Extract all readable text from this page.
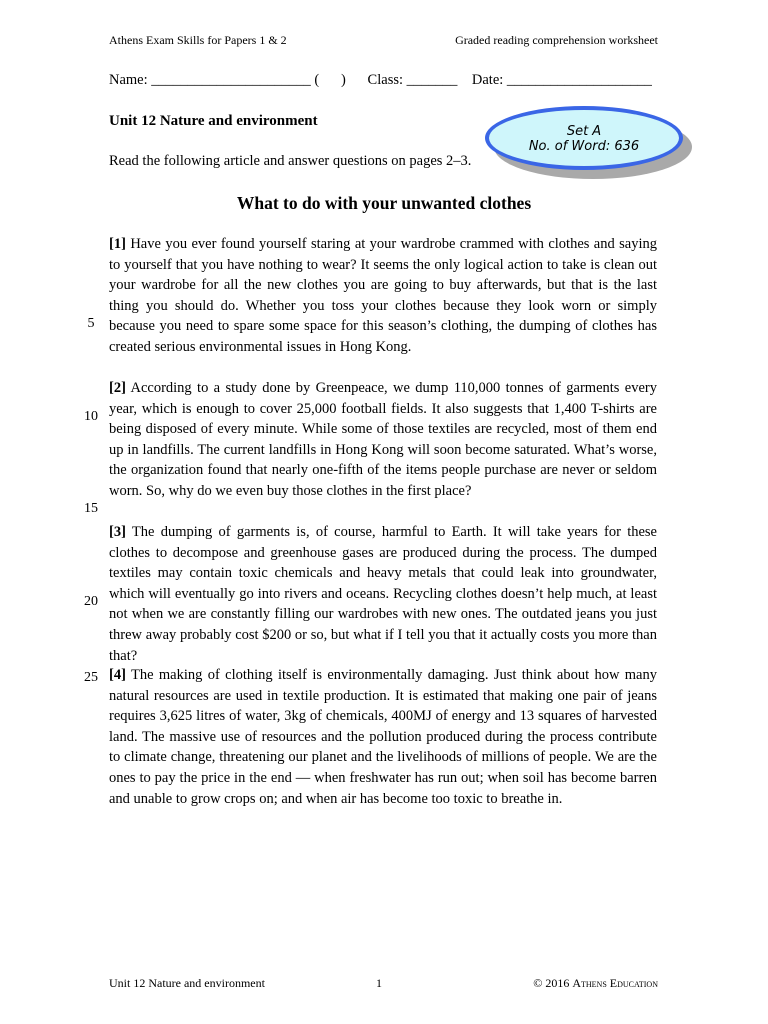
Athens Exam Skills for Papers 1 & 2	Graded reading comprehension worksheet
Name: ______________________ (      )      Class: _______    Date: ____________________
Unit 12 Nature and environment
Read the following article and answer questions on pages 2–3.
Set A
No. of Word: 636
What to do with your unwanted clothes

[1] Have you ever found yourself staring at your wardrobe crammed with clothes and saying to yourself that you have nothing to wear? It seems the only logical action to take is clean out your wardrobe for all the new clothes you are going to buy afterwards, but that is the last thing you should do. Whether you toss your clothes because they look worn or simply because you need to spare some space for this season’s clothing, the dumping of clothes has created serious environmental issues in Hong Kong.

[2] According to a study done by Greenpeace, we dump 110,000 tonnes of garments every year, which is enough to cover 25,000 football fields. It also suggests that 1,400 T-shirts are being disposed of every minute. While some of those textiles are recycled, most of them end up in landfills. The current landfills in Hong Kong will soon become saturated. What’s worse, the organization found that nearly one-fifth of the items people purchase are never or seldom worn. So, why do we even buy those clothes in the first place?

[3] The dumping of garments is, of course, harmful to Earth. It will take years for these clothes to decompose and greenhouse gases are produced during the process. The dumped textiles may contain toxic chemicals and heavy metals that could leak into groundwater, which will eventually go into rivers and oceans. Recycling clothes doesn’t help much, at least not when we are constantly filling our wardrobes with new ones. The outdated jeans you just threw away probably cost $200 or so, but what if I tell you that it actually costs you more than that?

[4] The making of clothing itself is environmentally damaging. Just think about how many natural resources are used in textile production. It is estimated that making one pair of jeans requires 3,625 litres of water, 3kg of chemicals, 400MJ of energy and 13 squares of harvested land. The massive use of resources and the pollution produced during the process contribute to climate change, threatening our planet and the livelihoods of millions of people. We are the ones to pay the price in the end — when freshwater has run out; when soil has become barren and unable to grow crops on; and when air has become too toxic to breathe in.

5
10
15
20
25
Unit 12 Nature and environment	1	© 2016 Athens Education
